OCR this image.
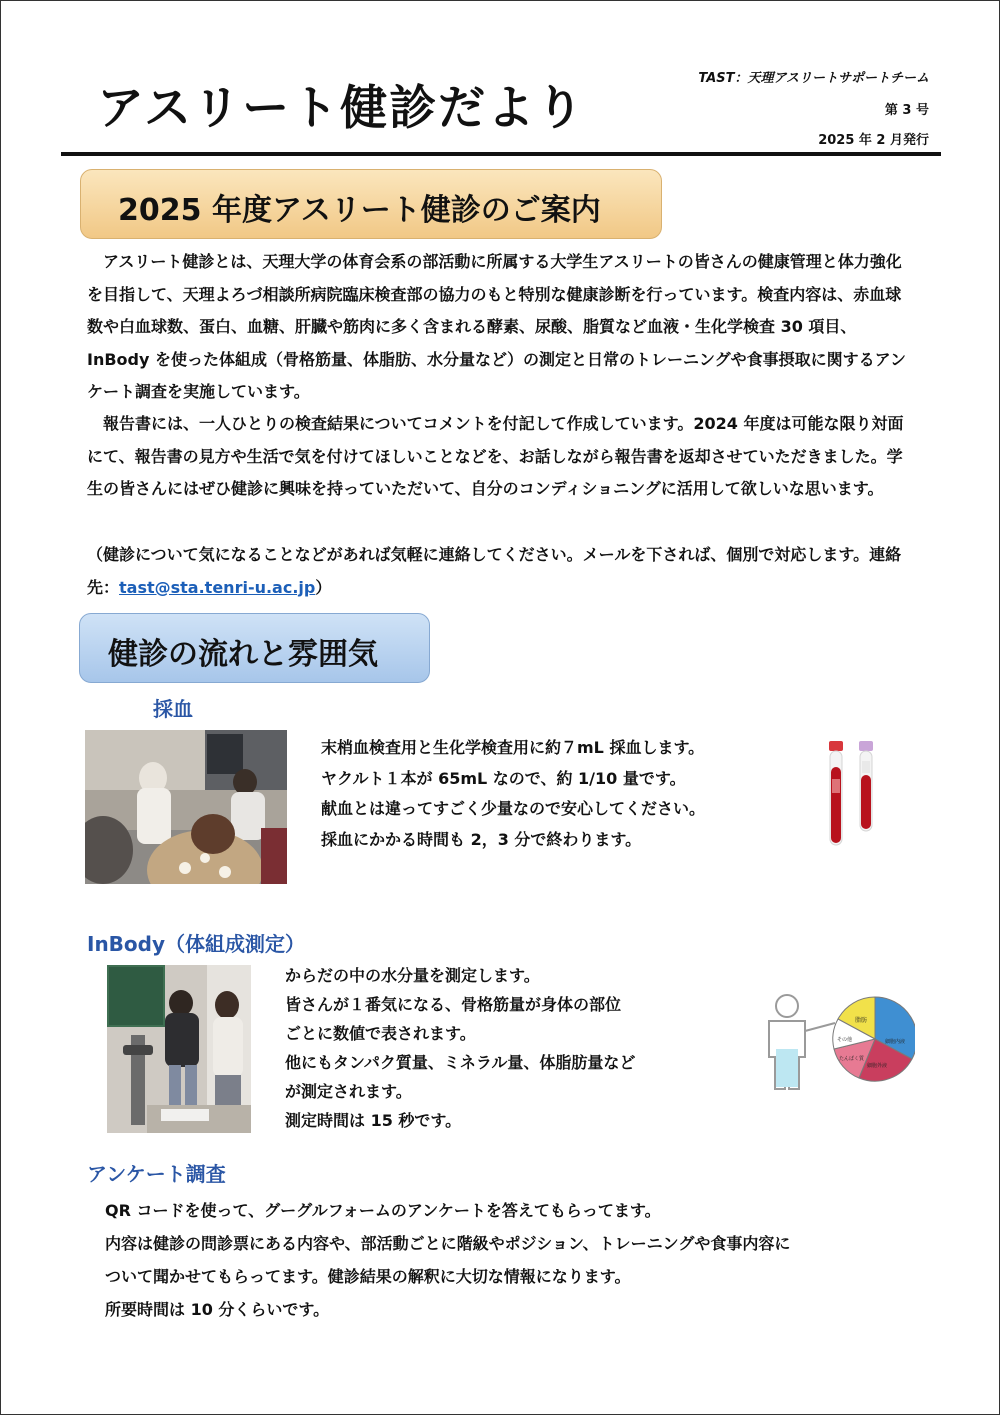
アスリート健診だより
TAST：天理アスリートサポートチーム
第 3 号
2025 年 2 月発行
2025 年度アスリート健診のご案内
アスリート健診とは、天理大学の体育会系の部活動に所属する大学生アスリートの皆さんの健康管理と体力強化を目指して、天理よろづ相談所病院臨床検査部の協力のもと特別な健康診断を行っています。検査内容は、赤血球数や白血球数、蛋白、血糖、肝臓や筋肉に多く含まれる酵素、尿酸、脂質など血液・生化学検査 30 項目、InBody を使った体組成（骨格筋量、体脂肪、水分量など）の測定と日常のトレーニングや食事摂取に関するアンケート調査を実施しています。
報告書には、一人ひとりの検査結果についてコメントを付記して作成しています。2024 年度は可能な限り対面にて、報告書の見方や生活で気を付けてほしいことなどを、お話しながら報告書を返却させていただきました。学生の皆さんにはぜひ健診に興味を持っていただいて、自分のコンディショニングに活用して欲しいな思います。
（健診について気になることなどがあれば気軽に連絡してください。メールを下されば、個別で対応します。連絡先：tast@sta.tenri-u.ac.jp）
健診の流れと雰囲気
採血
末梢血検査用と生化学検査用に約７mL 採血します。
ヤクルト１本が 65mL なので、約 1/10 量です。
献血とは違ってすごく少量なので安心してください。
採血にかかる時間も 2，3 分で終わります。
InBody（体組成測定）
からだの中の水分量を測定します。
皆さんが１番気になる、骨格筋量が身体の部位
ごとに数値で表されます。
他にもタンパク質量、ミネラル量、体脂肪量など
が測定されます。
測定時間は 15 秒です。
脂肪
細胞内液
細胞外液
たんぱく質
その他
アンケート調査
QR コードを使って、グーグルフォームのアンケートを答えてもらってます。
内容は健診の問診票にある内容や、部活動ごとに階級やポジション、トレーニングや食事内容に
ついて聞かせてもらってます。健診結果の解釈に大切な情報になります。
所要時間は 10 分くらいです。
